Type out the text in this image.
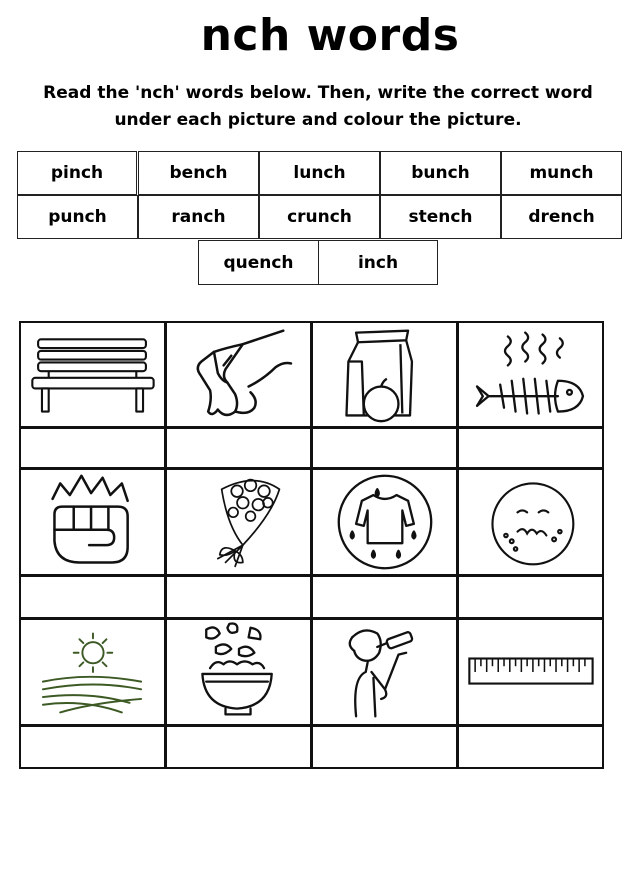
nch words
Read the 'nch' words below. Then, write the correct word
under each picture and colour the picture.
pinch	bench	lunch	bunch	munch
punch	ranch	crunch	stench	drench
quench	inch
